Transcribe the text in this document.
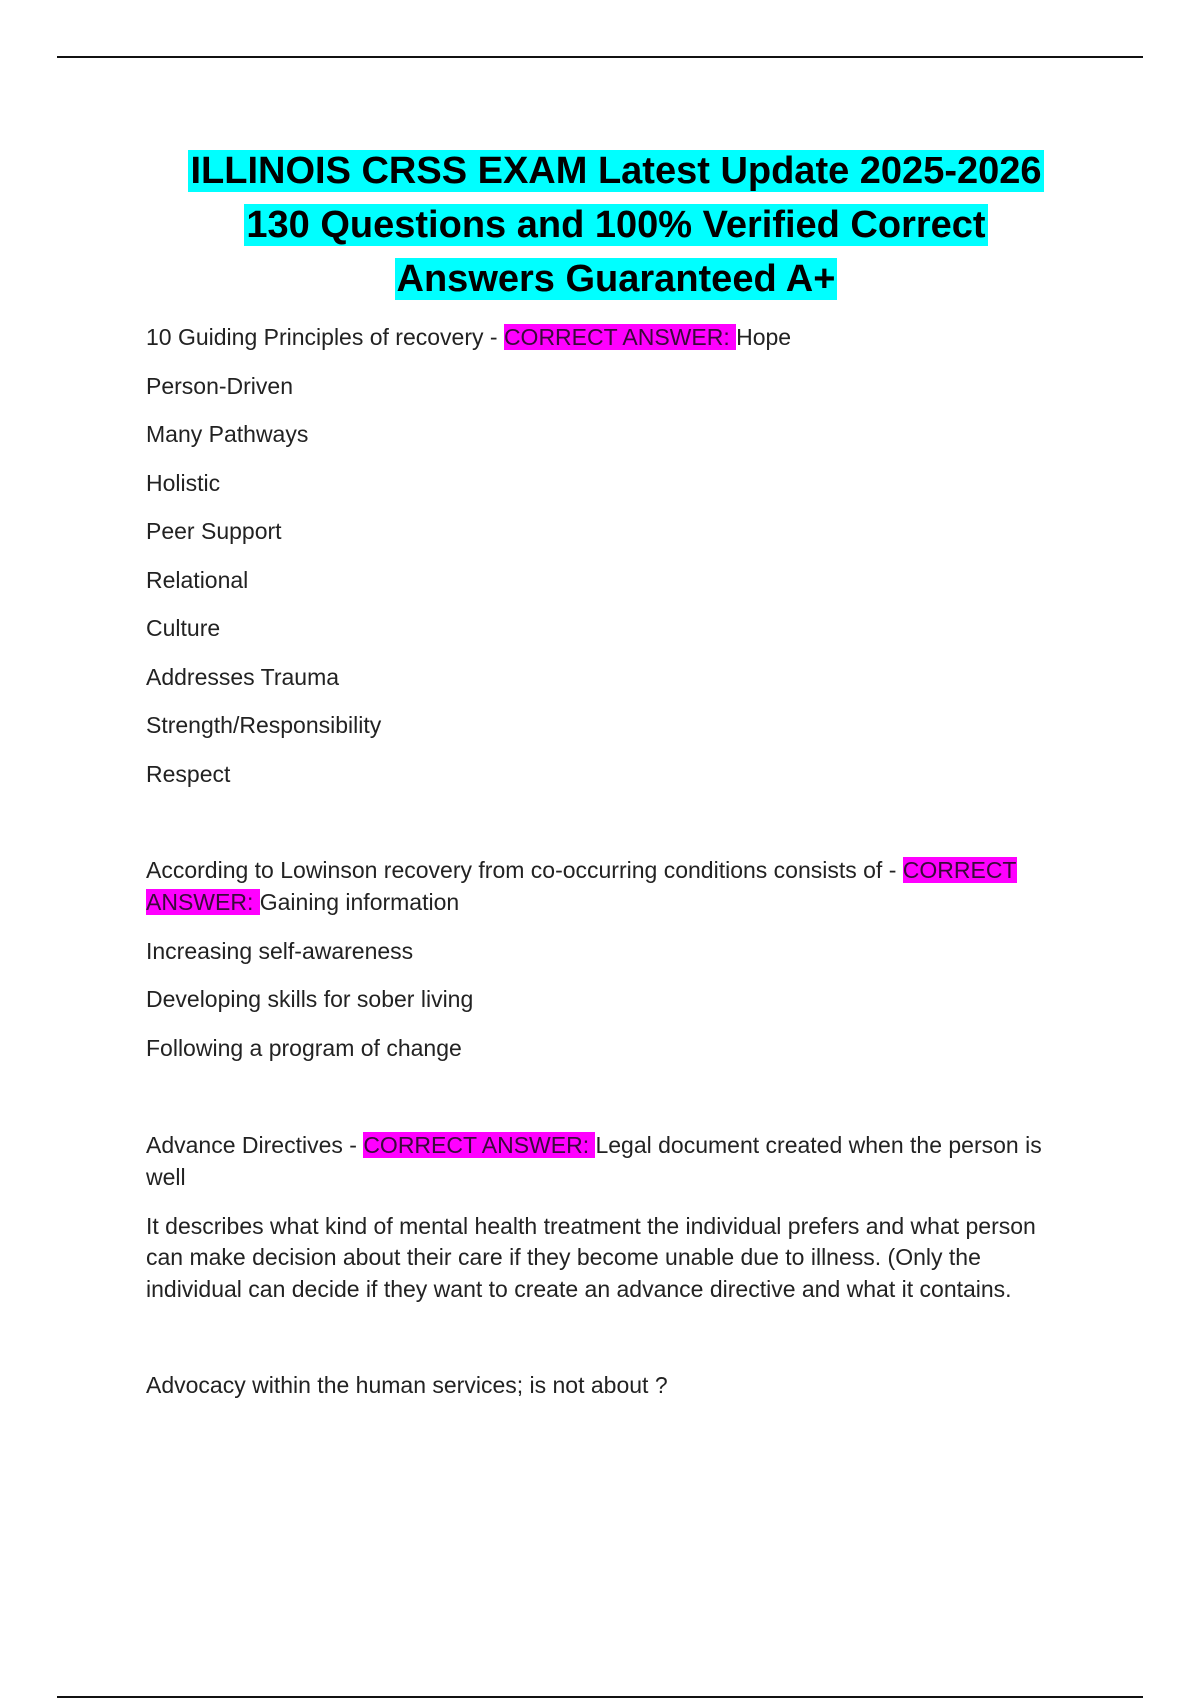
ILLINOIS CRSS EXAM Latest Update 2025-2026
130 Questions and 100% Verified Correct
Answers Guaranteed A+
10 Guiding Principles of recovery - CORRECT ANSWER: Hope
Person-Driven
Many Pathways
Holistic
Peer Support
Relational
Culture
Addresses Trauma
Strength/Responsibility
Respect
According to Lowinson recovery from co-occurring conditions consists of - CORRECT
ANSWER: Gaining information
Increasing self-awareness
Developing skills for sober living
Following a program of change
Advance Directives - CORRECT ANSWER: Legal document created when the person is
well
It describes what kind of mental health treatment the individual prefers and what person
can make decision about their care if they become unable due to illness. (Only the
individual can decide if they want to create an advance directive and what it contains.
Advocacy within the human services; is not about ?
